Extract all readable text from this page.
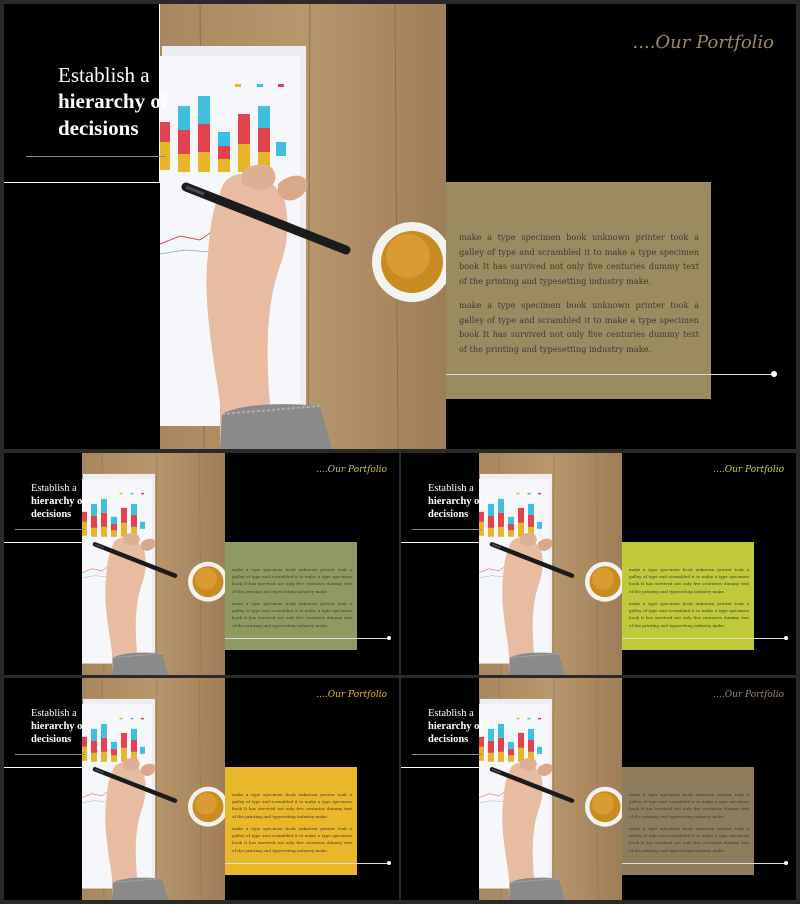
Establish a
hierarchy of
decisions
....Our Portfolio
make a type specimen book unknown printer took a galley of type and scrambled it to make a type specimen book It has survived not only five centuries dummy text of the printing and typesetting industry make.
make a type specimen book unknown printer took a galley of type and scrambled it to make a type specimen book It has survived not only five centuries dummy text of the printing and typesetting industry make.
Establish a
hierarchy of
decisions
....Our Portfolio
make a type specimen book unknown printer took a galley of type and scrambled it to make a type specimen book It has survived not only five centuries dummy text of the printing and typesetting industry make.
make a type specimen book unknown printer took a galley of type and scrambled it to make a type specimen book It has survived not only five centuries dummy text of the printing and typesetting industry make.
Establish a
hierarchy of
decisions
....Our Portfolio
make a type specimen book unknown printer took a galley of type and scrambled it to make a type specimen book It has survived not only five centuries dummy text of the printing and typesetting industry make.
make a type specimen book unknown printer took a galley of type and scrambled it to make a type specimen book It has survived not only five centuries dummy text of the printing and typesetting industry make.
Establish a
hierarchy of
decisions
....Our Portfolio
make a type specimen book unknown printer took a galley of type and scrambled it to make a type specimen book It has survived not only five centuries dummy text of the printing and typesetting industry make.
make a type specimen book unknown printer took a galley of type and scrambled it to make a type specimen book It has survived not only five centuries dummy text of the printing and typesetting industry make.
Establish a
hierarchy of
decisions
....Our Portfolio
make a type specimen book unknown printer took a galley of type and scrambled it to make a type specimen book It has survived not only five centuries dummy text of the printing and typesetting industry make.
make a type specimen book unknown printer took a galley of type and scrambled it to make a type specimen book It has survived not only five centuries dummy text of the printing and typesetting industry make.
